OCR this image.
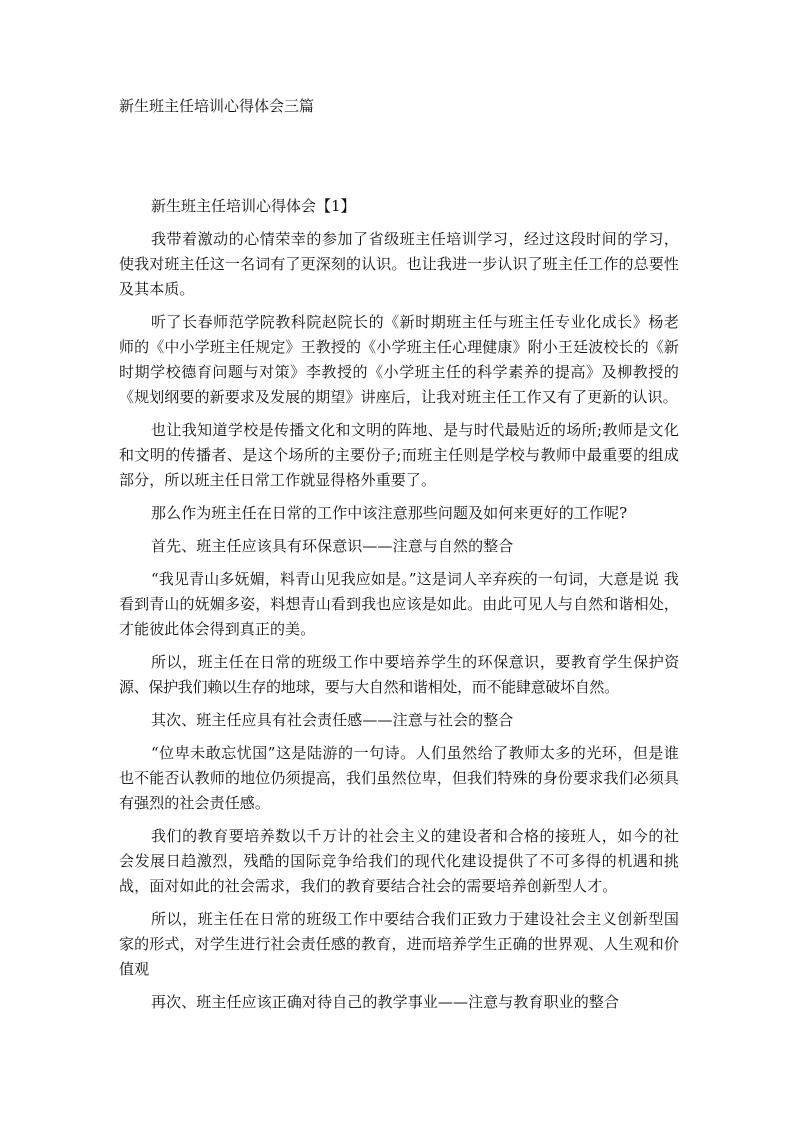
新生班主任培训心得体会三篇

新生班主任培训心得体会【1】

我带着激动的心情荣幸的参加了省级班主任培训学习，经过这段时间的学习，使我对班主任这一名词有了更深刻的认识。也让我进一步认识了班主任工作的总要性及其本质。

听了长春师范学院教科院赵院长的《新时期班主任与班主任专业化成长》杨老师的《中小学班主任规定》王教授的《小学班主任心理健康》附小王廷波校长的《新时期学校德育问题与对策》李教授的《小学班主任的科学素养的提高》及柳教授的《规划纲要的新要求及发展的期望》讲座后，让我对班主任工作又有了更新的认识。

也让我知道学校是传播文化和文明的阵地、是与时代最贴近的场所;教师是文化和文明的传播者、是这个场所的主要份子;而班主任则是学校与教师中最重要的组成部分，所以班主任日常工作就显得格外重要了。

那么作为班主任在日常的工作中该注意那些问题及如何来更好的工作呢?

首先、班主任应该具有环保意识——注意与自然的整合

“我见青山多妩媚，料青山见我应如是。”这是词人辛弃疾的一句词，大意是说 我看到青山的妩媚多姿，料想青山看到我也应该是如此。由此可见人与自然和谐相处，才能彼此体会得到真正的美。

所以，班主任在日常的班级工作中要培养学生的环保意识，要教育学生保护资源、保护我们赖以生存的地球，要与大自然和谐相处，而不能肆意破坏自然。

其次、班主任应具有社会责任感——注意与社会的整合

“位卑未敢忘忧国”这是陆游的一句诗。人们虽然给了教师太多的光环，但是谁也不能否认教师的地位仍须提高，我们虽然位卑，但我们特殊的身份要求我们必须具有强烈的社会责任感。

我们的教育要培养数以千万计的社会主义的建设者和合格的接班人，如今的社会发展日趋激烈，残酷的国际竞争给我们的现代化建设提供了不可多得的机遇和挑战，面对如此的社会需求，我们的教育要结合社会的需要培养创新型人才。

所以，班主任在日常的班级工作中要结合我们正致力于建设社会主义创新型国家的形式，对学生进行社会责任感的教育，进而培养学生正确的世界观、人生观和价值观

再次、班主任应该正确对待自己的教学事业——注意与教育职业的整合
